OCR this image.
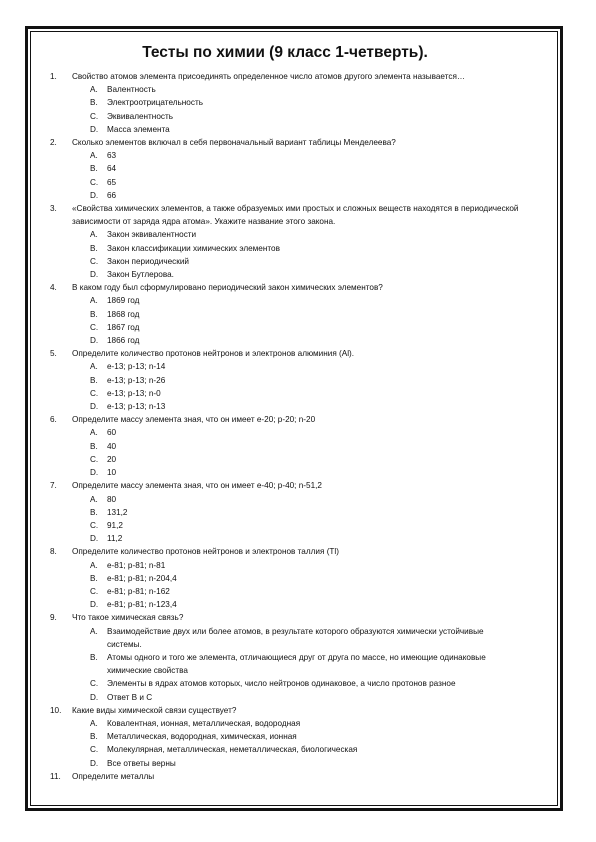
Тесты по химии (9 класс 1-четверть).
1.	Свойство атомов элемента присоединять определенное число атомов другого элемента называется…
A.	Валентность
B.	Электроотрицательность
C.	Эквивалентность
D.	Масса элемента
2.	Сколько элементов включал в себя первоначальный вариант таблицы Менделеева?
A.	63
B.	64
C.	65
D.	66
3.	«Свойства химических элементов, а также образуемых ими простых и сложных веществ находятся в периодической зависимости от заряда ядра атома». Укажите название этого закона.
A.	Закон эквивалентности
B.	Закон классификации химических элементов
C.	Закон периодический
D.	Закон Бутлерова.
4.	В каком году был сформулировано периодический закон химических элементов?
A.	1869 год
B.	1868 год
C.	1867 год
D.	1866 год
5.	Определите количество протонов нейтронов и электронов алюминия (Al).
A.	e-13; p-13; n-14
B.	e-13; p-13; n-26
C.	e-13; p-13; n-0
D.	e-13; p-13; n-13
6.	Определите массу элемента зная, что он имеет e-20; p-20; n-20
A.	60
B.	40
C.	20
D.	10
7.	Определите массу элемента зная, что он имеет e-40; p-40; n-51,2
A.	80
B.	131,2
C.	91,2
D.	11,2
8.	Определите количество протонов нейтронов и электронов таллия (Tl)
A.	e-81; p-81; n-81
B.	e-81; p-81; n-204,4
C.	e-81; p-81; n-162
D.	e-81; p-81; n-123,4
9.	Что такое химическая связь?
A.	Взаимодействие двух или более атомов, в результате которого образуются химически устойчивые системы.
B.	Атомы одного и того же элемента, отличающиеся друг от друга по массе, но имеющие одинаковые химические свойства
C.	Элементы в ядрах атомов которых, число нейтронов одинаковое, а число протонов разное
D.	Ответ B и C
10.	Какие виды химической связи существует?
A.	Ковалентная, ионная, металлическая, водородная
B.	Металлическая, водородная, химическая, ионная
C.	Молекулярная, металлическая, неметаллическая, биологическая
D.	Все ответы верны
11.	Определите металлы
